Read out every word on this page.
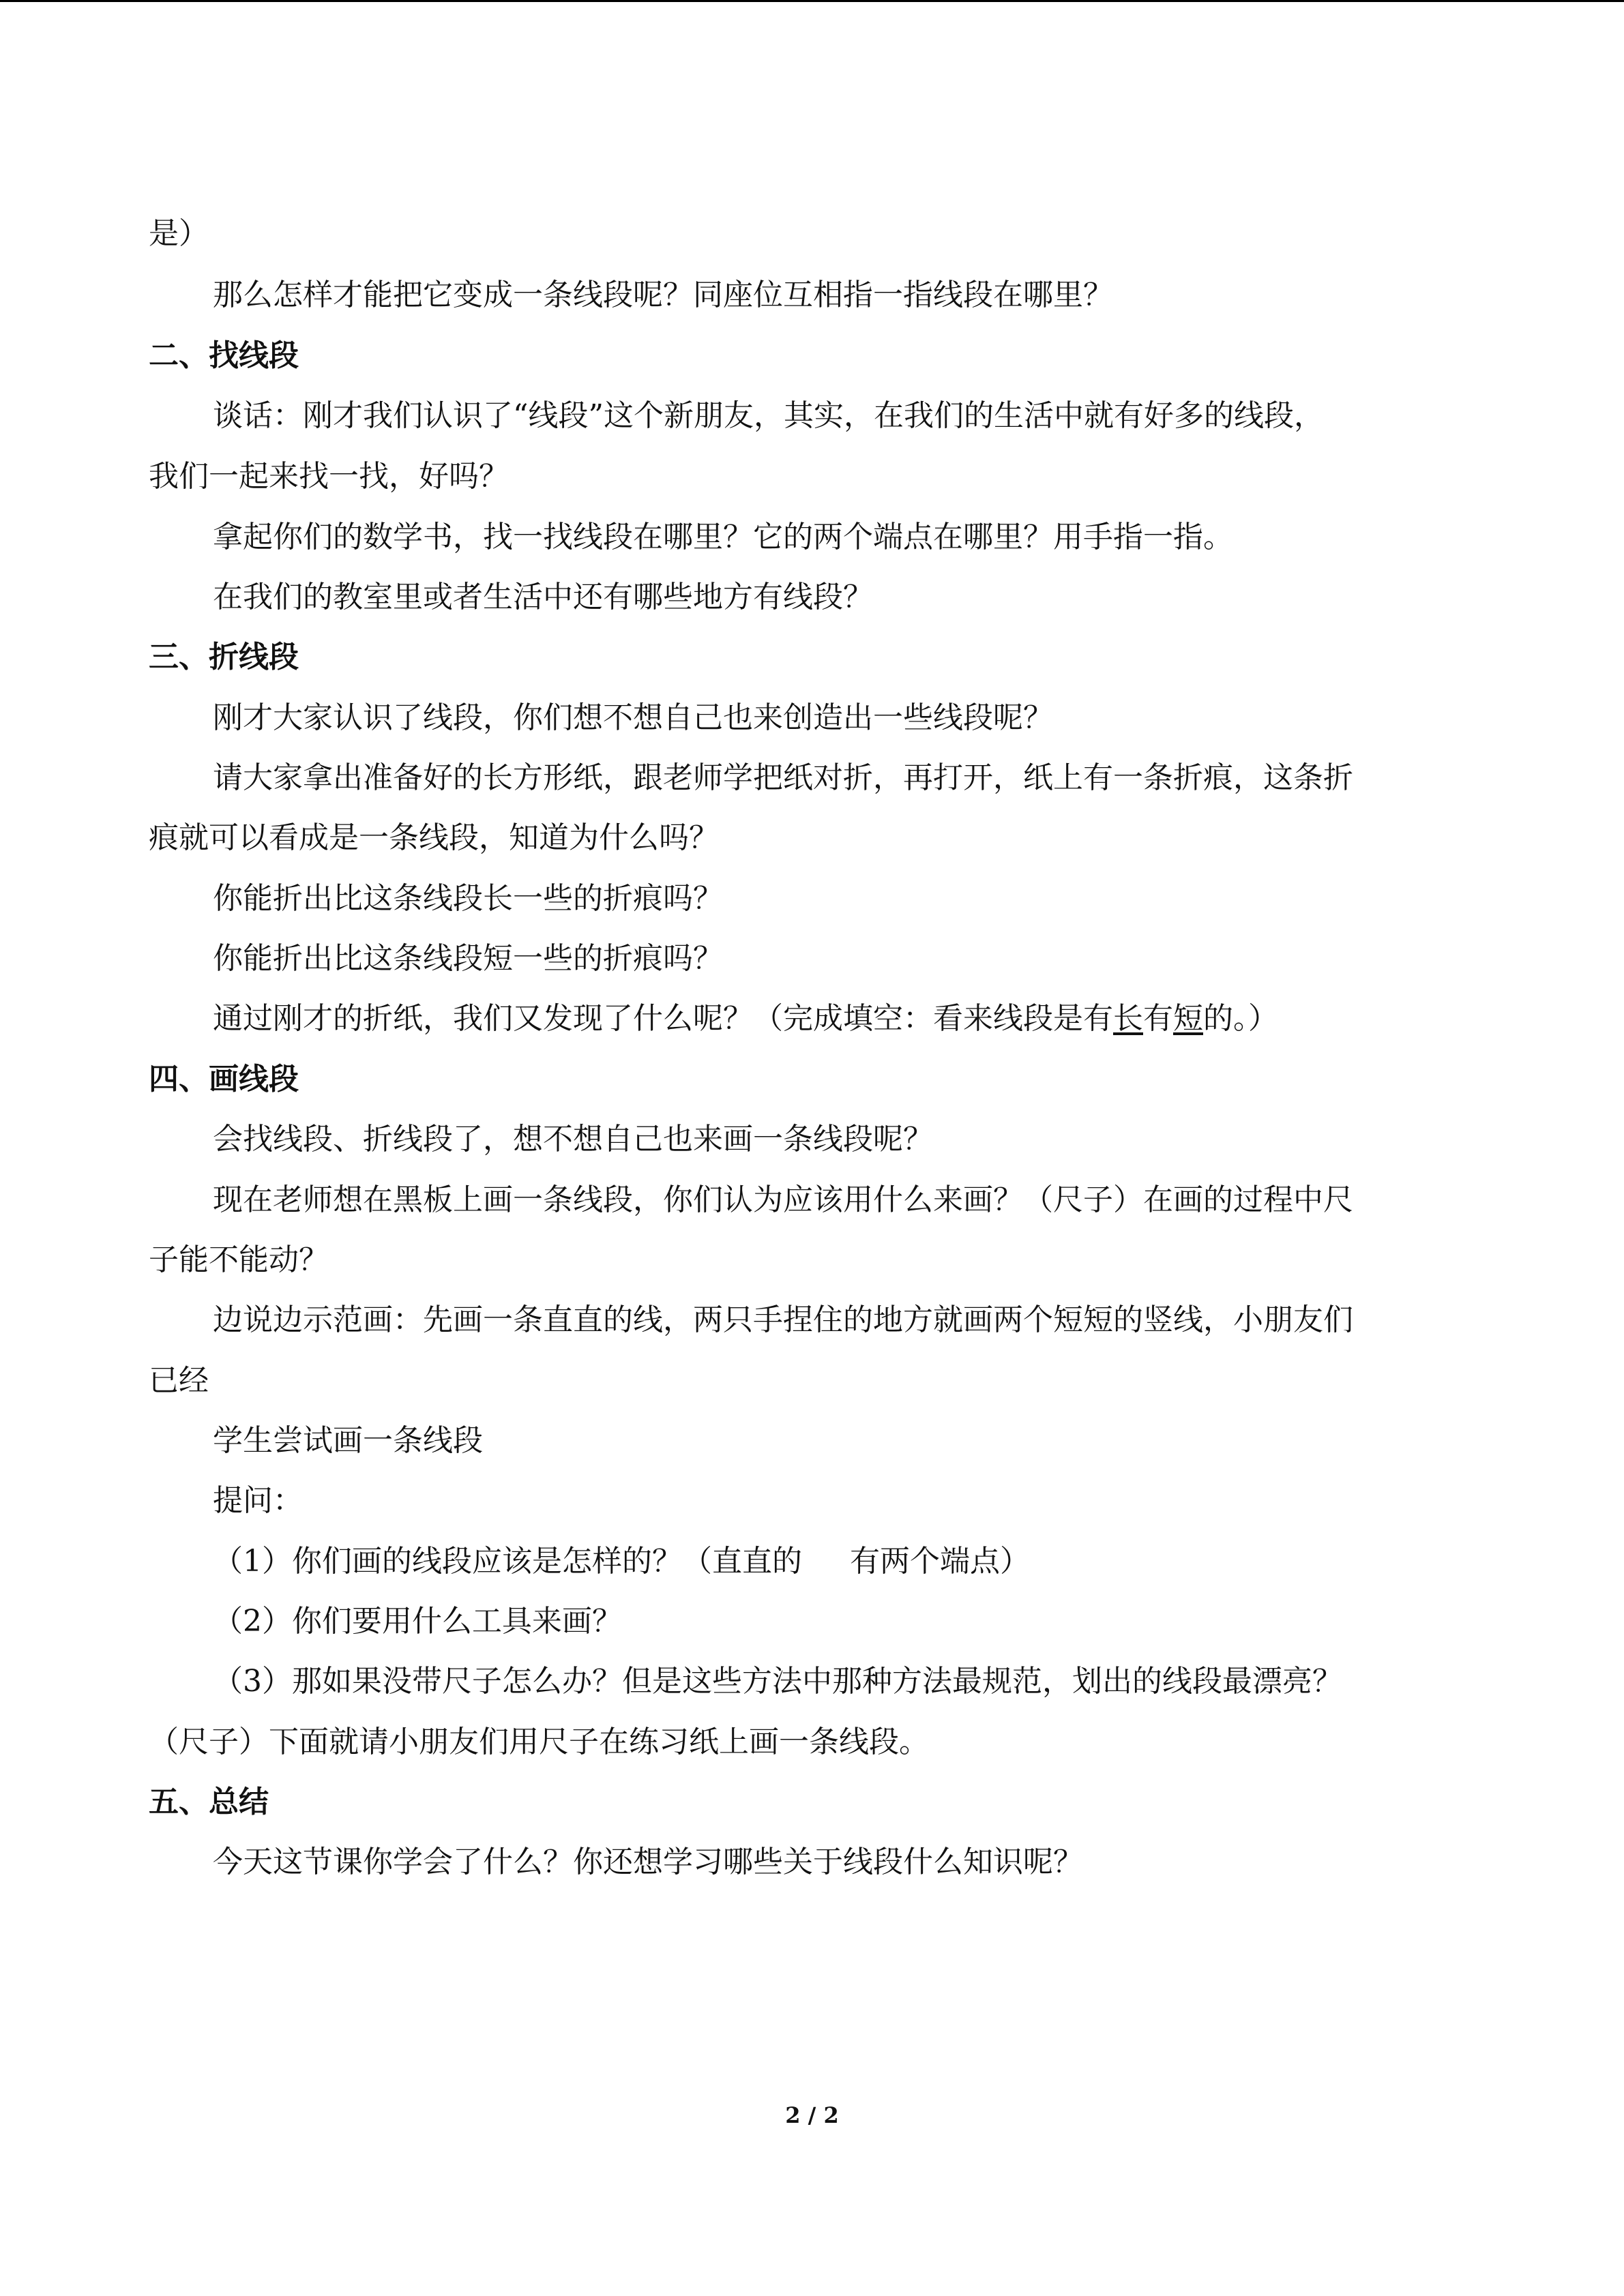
是）
那么怎样才能把它变成一条线段呢？同座位互相指一指线段在哪里？
二、找线段
谈话：刚才我们认识了“线段”这个新朋友，其实，在我们的生活中就有好多的线段，
我们一起来找一找，好吗？
拿起你们的数学书，找一找线段在哪里？它的两个端点在哪里？用手指一指。
在我们的教室里或者生活中还有哪些地方有线段？
三、折线段
刚才大家认识了线段，你们想不想自己也来创造出一些线段呢？
请大家拿出准备好的长方形纸，跟老师学把纸对折，再打开，纸上有一条折痕，这条折
痕就可以看成是一条线段，知道为什么吗？
你能折出比这条线段长一些的折痕吗？
你能折出比这条线段短一些的折痕吗？
通过刚才的折纸，我们又发现了什么呢？（完成填空：看来线段是有长有短的。）
四、画线段
会找线段、折线段了，想不想自己也来画一条线段呢？
现在老师想在黑板上画一条线段，你们认为应该用什么来画？（尺子）在画的过程中尺
子能不能动？
边说边示范画：先画一条直直的线，两只手捏住的地方就画两个短短的竖线，小朋友们
已经
学生尝试画一条线段
提问：
（1）你们画的线段应该是怎样的？（直直的 有两个端点）
（2）你们要用什么工具来画？
（3）那如果没带尺子怎么办？但是这些方法中那种方法最规范，划出的线段最漂亮？
（尺子）下面就请小朋友们用尺子在练习纸上画一条线段。
五、总结
今天这节课你学会了什么？你还想学习哪些关于线段什么知识呢？
2 / 2
